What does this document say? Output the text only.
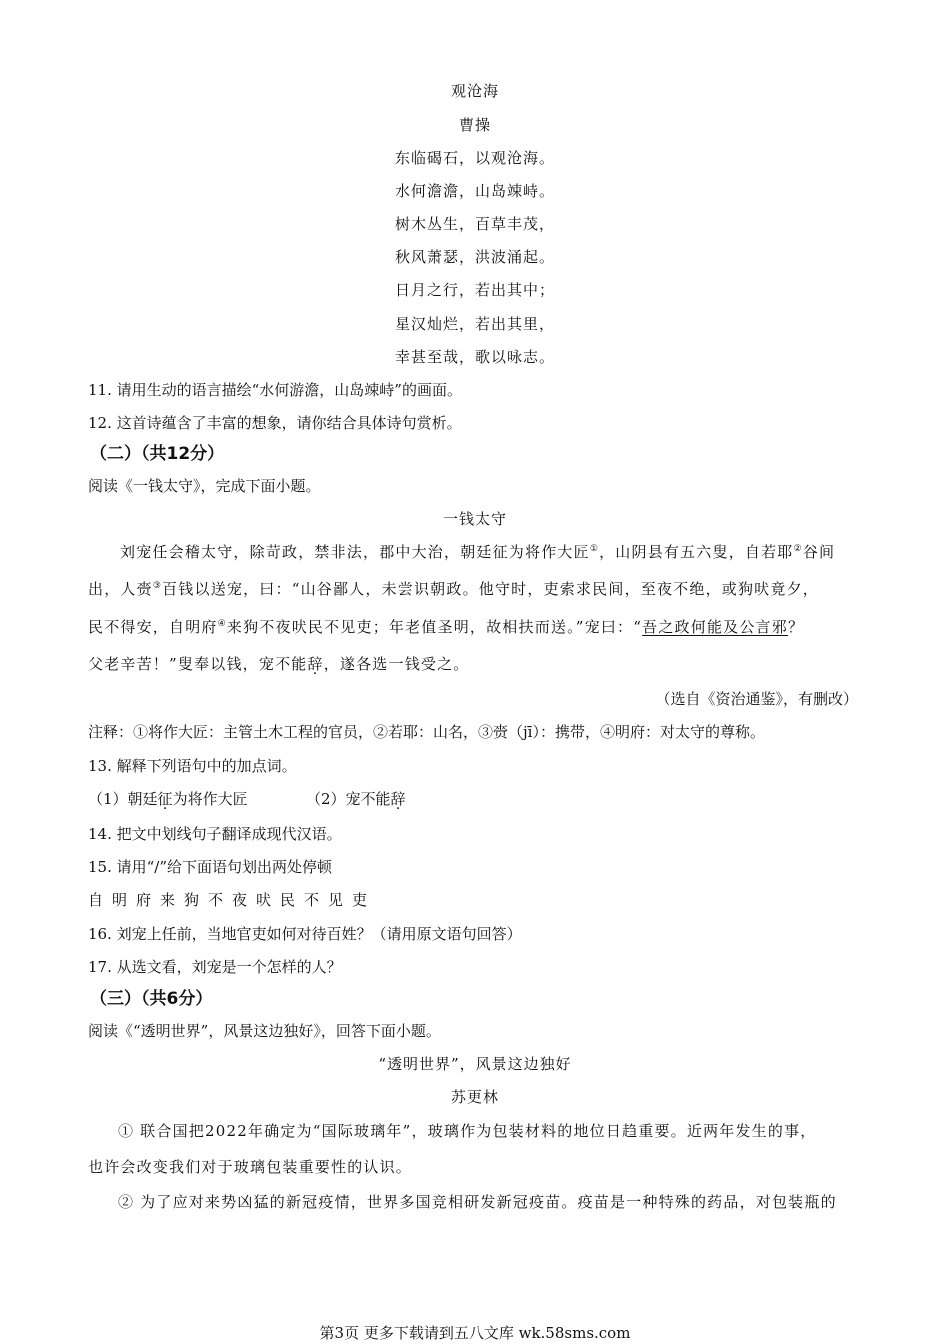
观沧海
曹操
东临碣石，以观沧海。
水何澹澹，山岛竦峙。
树木丛生，百草丰茂，
秋风萧瑟，洪波涌起。
日月之行，若出其中；
星汉灿烂，若出其里，
幸甚至哉，歌以咏志。
11. 请用生动的语言描绘“水何游澹，山岛竦峙”的画面。
12. 这首诗蕴含了丰富的想象，请你结合具体诗句赏析。
（二）（共12分）
阅读《一钱太守》，完成下面小题。
一钱太守
刘宠任会稽太守，除苛政，禁非法，郡中大治，朝廷征为将作大匠①，山阴县有五六叟，自若耶②谷间
出，人赍③百钱以送宠，曰：“山谷鄙人，未尝识朝政。他守时，吏索求民间，至夜不绝，或狗吠竟夕，
民不得安，自明府④来狗不夜吠民不见吏；年老值圣明，故相扶而送。”宠曰：“吾之政何能及公言邪？
父老辛苦！”叟奉以钱，宠不能辞，遂各选一钱受之。
（选自《资治通鉴》，有删改）
注释：①将作大匠：主管土木工程的官员，②若耶：山名，③赍（jī）：携带，④明府：对太守的尊称。
13. 解释下列语句中的加点词。
（1）朝廷征为将作大匠	（2）宠不能辞
14. 把文中划线句子翻译成现代汉语。
15. 请用“/”给下面语句划出两处停顿
自明府来狗不夜吠民不见吏
16. 刘宠上任前，当地官吏如何对待百姓？（请用原文语句回答）
17. 从选文看，刘宠是一个怎样的人？
（三）（共6分）
阅读《“透明世界”，风景这边独好》，回答下面小题。
“透明世界”，风景这边独好
苏更林
① 联合国把2022年确定为“国际玻璃年”，玻璃作为包装材料的地位日趋重要。近两年发生的事，
也许会改变我们对于玻璃包装重要性的认识。
② 为了应对来势凶猛的新冠疫情，世界多国竞相研发新冠疫苗。疫苗是一种特殊的药品，对包装瓶的
第3页 更多下载请到五八文库 wk.58sms.com
